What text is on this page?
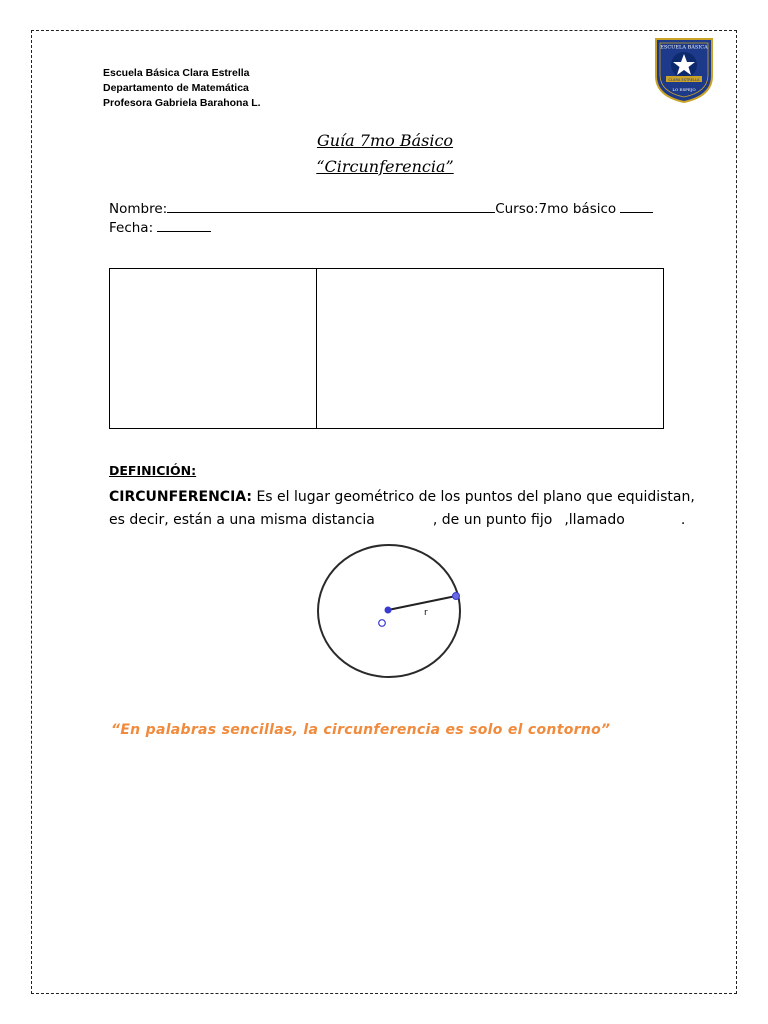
Escuela Básica Clara Estrella
Departamento de Matemática
Profesora Gabriela Barahona L.
ESCUELA BÁSICA
CLARA ESTRELLA
LO ESPEJO
Guía 7mo Básico
“Circunferencia”
Nombre:	Curso:7mo básico
Fecha:
DEFINICIÓN:
CIRCUNFERENCIA: Es el lugar geométrico de los puntos del plano que equidistan,
es decir, están a una misma distancia	, de un punto fijo ,llamado	.
r
“En palabras sencillas, la circunferencia es solo el contorno”
